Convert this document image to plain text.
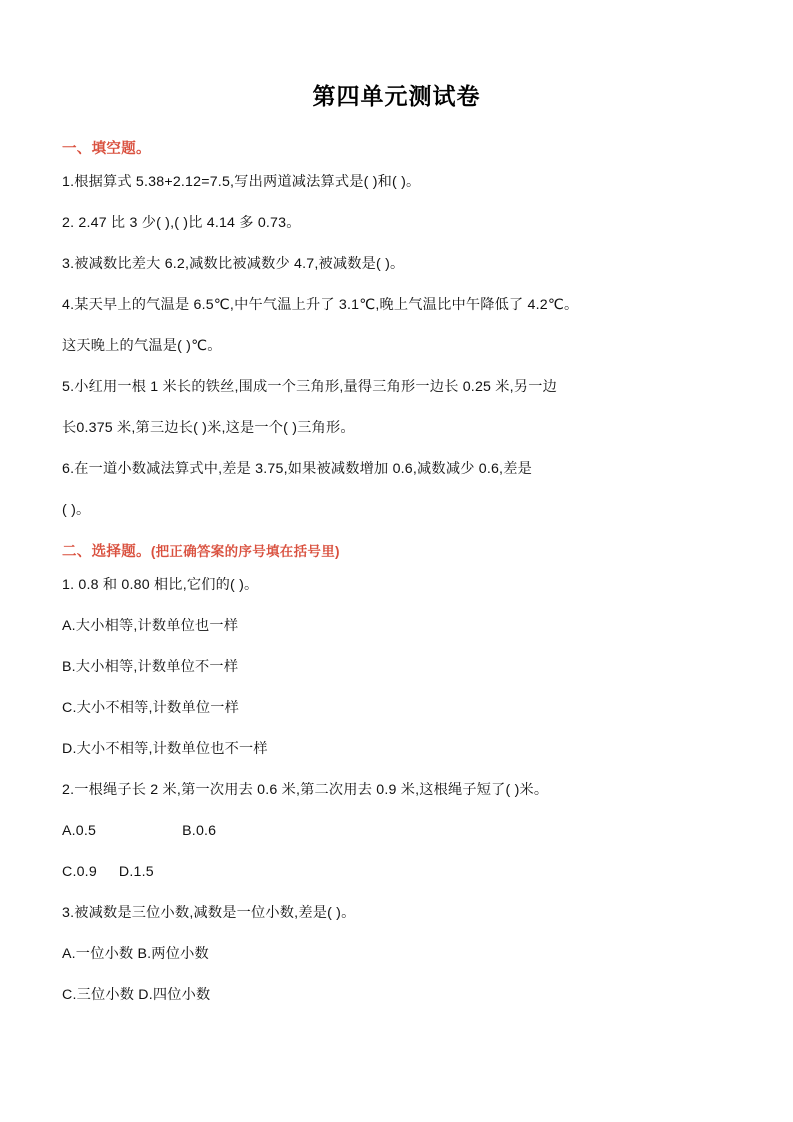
第四单元测试卷
一、填空题。

1.根据算式 5.38+2.12=7.5,写出两道减法算式是( )和( )。

2. 2.47 比 3 少( ),( )比 4.14 多 0.73。

3.被减数比差大 6.2,减数比被减数少 4.7,被减数是( )。

4.某天早上的气温是 6.5℃,中午气温上升了 3.1℃,晚上气温比中午降低了 4.2℃。

这天晚上的气温是( )℃。

5.小红用一根 1 米长的铁丝,围成一个三角形,量得三角形一边长 0.25 米,另一边

长0.375 米,第三边长( )米,这是一个( )三角形。

6.在一道小数减法算式中,差是 3.75,如果被减数增加 0.6,减数减少 0.6,差是

( )。

二、选择题。(把正确答案的序号填在括号里)

1. 0.8 和 0.80 相比,它们的( )。

A.大小相等,计数单位也一样

B.大小相等,计数单位不一样

C.大小不相等,计数单位一样

D.大小不相等,计数单位也不一样

2.一根绳子长 2 米,第一次用去 0.6 米,第二次用去 0.9 米,这根绳子短了( )米。

A.0.5	B.0.6

C.0.9 D.1.5

3.被减数是三位小数,减数是一位小数,差是( )。

A.一位小数 B.两位小数

C.三位小数 D.四位小数
